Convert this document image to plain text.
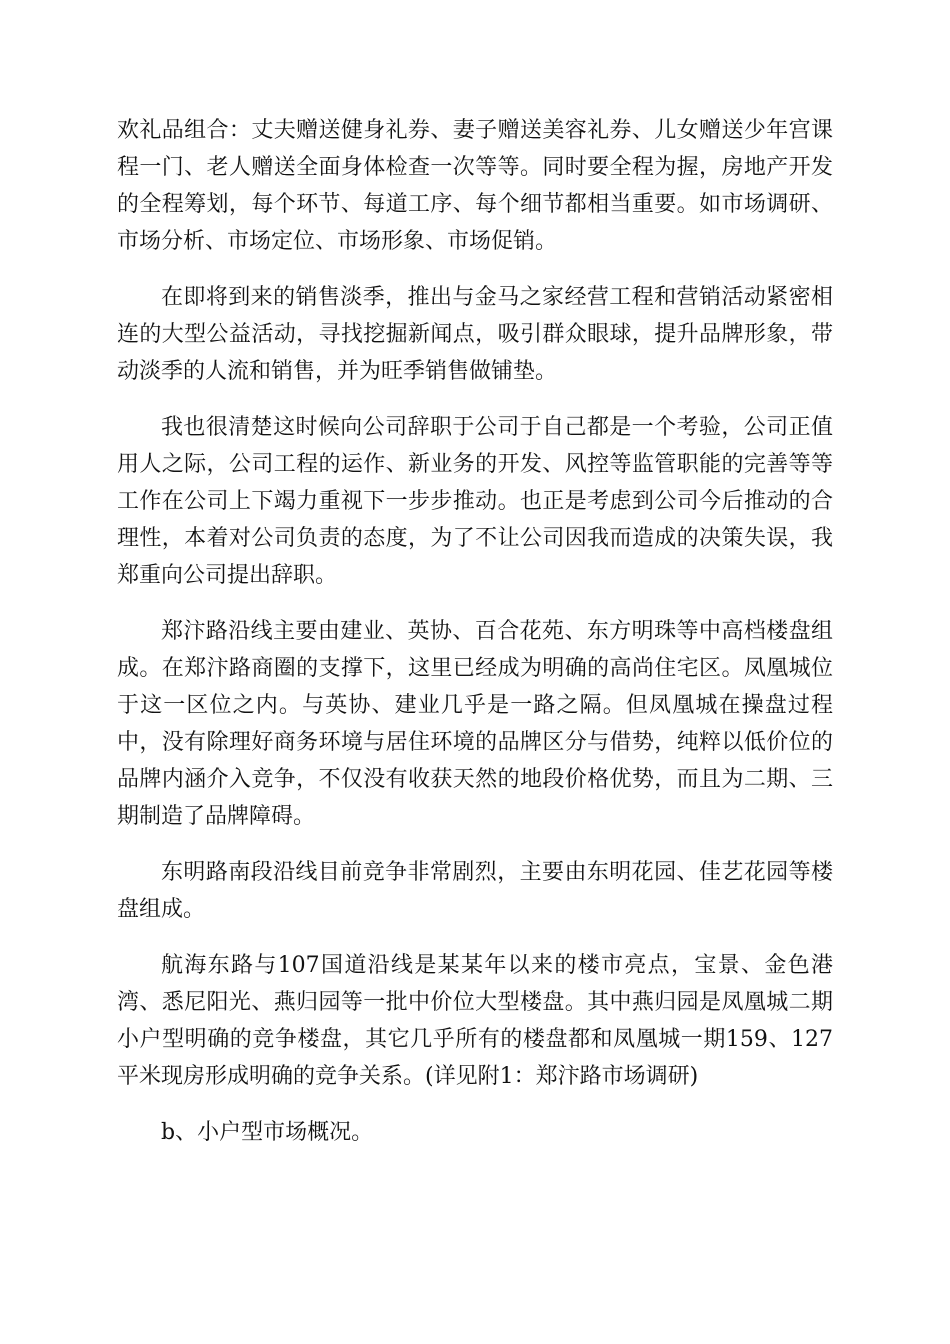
欢礼品组合：丈夫赠送健身礼券、妻子赠送美容礼券、儿女赠送少年宫课程一门、老人赠送全面身体检查一次等等。同时要全程为握，房地产开发的全程筹划，每个环节、每道工序、每个细节都相当重要。如市场调研、市场分析、市场定位、市场形象、市场促销。

在即将到来的销售淡季，推出与金马之家经营工程和营销活动紧密相连的大型公益活动，寻找挖掘新闻点，吸引群众眼球，提升品牌形象，带动淡季的人流和销售，并为旺季销售做铺垫。

我也很清楚这时候向公司辞职于公司于自己都是一个考验，公司正值用人之际，公司工程的运作、新业务的开发、风控等监管职能的完善等等工作在公司上下竭力重视下一步步推动。也正是考虑到公司今后推动的合理性，本着对公司负责的态度，为了不让公司因我而造成的决策失误，我郑重向公司提出辞职。

郑汴路沿线主要由建业、英协、百合花苑、东方明珠等中高档楼盘组成。在郑汴路商圈的支撑下，这里已经成为明确的高尚住宅区。凤凰城位于这一区位之内。与英协、建业几乎是一路之隔。但凤凰城在操盘过程中，没有除理好商务环境与居住环境的品牌区分与借势，纯粹以低价位的品牌内涵介入竞争，不仅没有收获天然的地段价格优势，而且为二期、三期制造了品牌障碍。

东明路南段沿线目前竞争非常剧烈，主要由东明花园、佳艺花园等楼盘组成。

航海东路与107国道沿线是某某年以来的楼市亮点，宝景、金色港湾、悉尼阳光、燕归园等一批中价位大型楼盘。其中燕归园是凤凰城二期小户型明确的竞争楼盘，其它几乎所有的楼盘都和凤凰城一期159、127平米现房形成明确的竞争关系。(详见附1：郑汴路市场调研)

b、小户型市场概况。
